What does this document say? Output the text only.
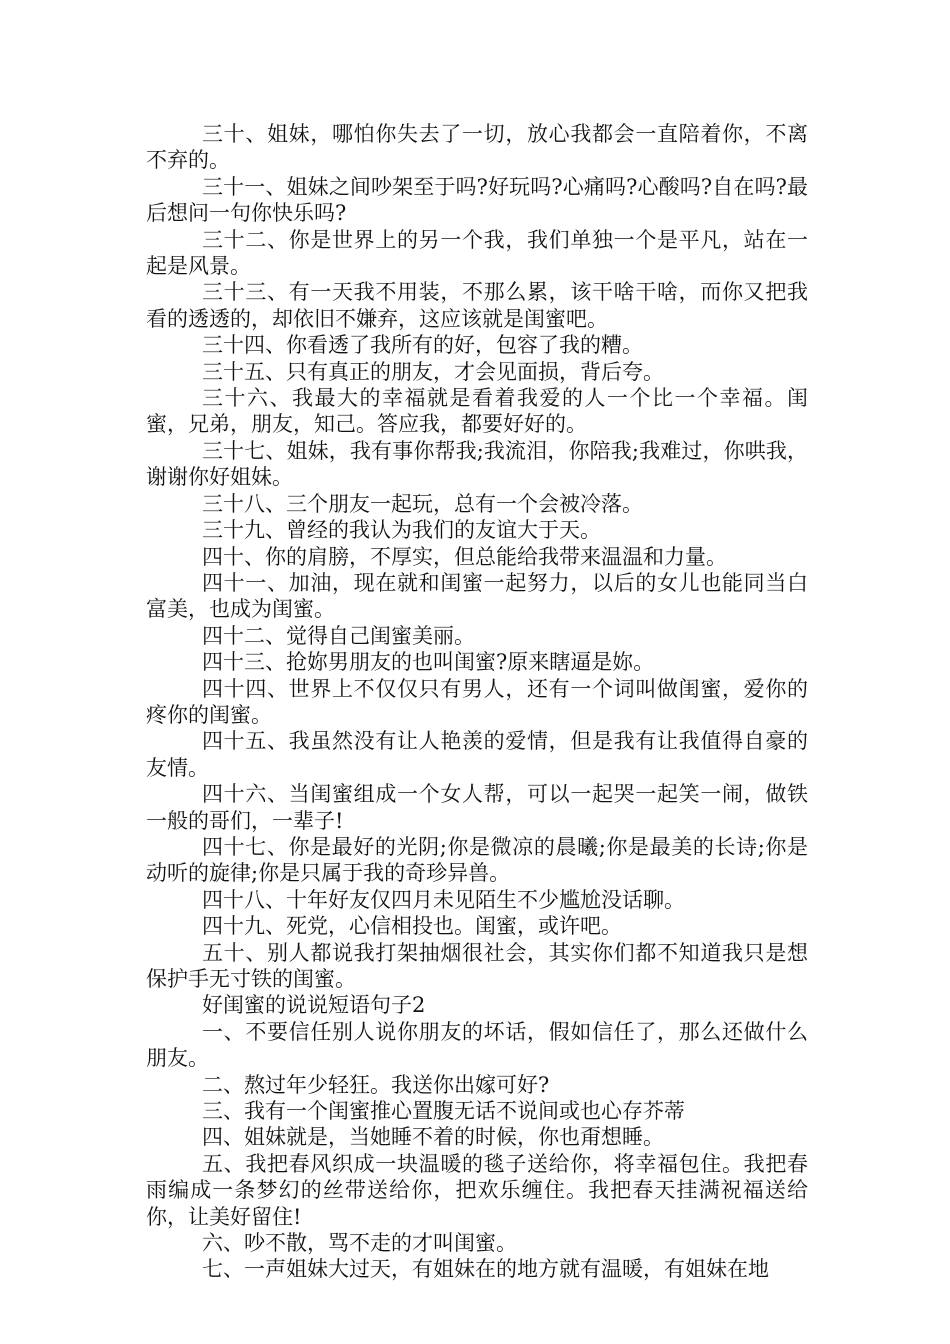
三十、姐妹，哪怕你失去了一切，放心我都会一直陪着你，不离不弃的。

三十一、姐妹之间吵架至于吗?好玩吗?心痛吗?心酸吗?自在吗?最后想问一句你快乐吗?

三十二、你是世界上的另一个我，我们单独一个是平凡，站在一起是风景。

三十三、有一天我不用装，不那么累，该干啥干啥，而你又把我看的透透的，却依旧不嫌弃，这应该就是闺蜜吧。

三十四、你看透了我所有的好，包容了我的糟。

三十五、只有真正的朋友，才会见面损，背后夸。

三十六、我最大的幸福就是看着我爱的人一个比一个幸福。闺蜜，兄弟，朋友，知己。答应我，都要好好的。

三十七、姐妹，我有事你帮我;我流泪，你陪我;我难过，你哄我，谢谢你好姐妹。

三十八、三个朋友一起玩，总有一个会被冷落。

三十九、曾经的我认为我们的友谊大于天。

四十、你的肩膀，不厚实，但总能给我带来温温和力量。

四十一、加油，现在就和闺蜜一起努力，以后的女儿也能同当白富美，也成为闺蜜。

四十二、觉得自己闺蜜美丽。

四十三、抢妳男朋友的也叫闺蜜?原来瞎逼是妳。

四十四、世界上不仅仅只有男人，还有一个词叫做闺蜜，爱你的疼你的闺蜜。

四十五、我虽然没有让人艳羡的爱情，但是我有让我值得自豪的友情。

四十六、当闺蜜组成一个女人帮，可以一起哭一起笑一闹，做铁一般的哥们，一辈子!

四十七、你是最好的光阴;你是微凉的晨曦;你是最美的长诗;你是动听的旋律;你是只属于我的奇珍异兽。

四十八、十年好友仅四月未见陌生不少尴尬没话聊。

四十九、死党，心信相投也。闺蜜，或许吧。

五十、别人都说我打架抽烟很社会，其实你们都不知道我只是想保护手无寸铁的闺蜜。

好闺蜜的说说短语句子2

一、不要信任别人说你朋友的坏话，假如信任了，那么还做什么朋友。

二、熬过年少轻狂。我送你出嫁可好?

三、我有一个闺蜜推心置腹无话不说间或也心存芥蒂

四、姐妹就是，当她睡不着的时候，你也甭想睡。

五、我把春风织成一块温暖的毯子送给你，将幸福包住。我把春雨编成一条梦幻的丝带送给你，把欢乐缠住。我把春天挂满祝福送给你，让美好留住!

六、吵不散，骂不走的才叫闺蜜。

七、一声姐妹大过天，有姐妹在的地方就有温暖，有姐妹在地
